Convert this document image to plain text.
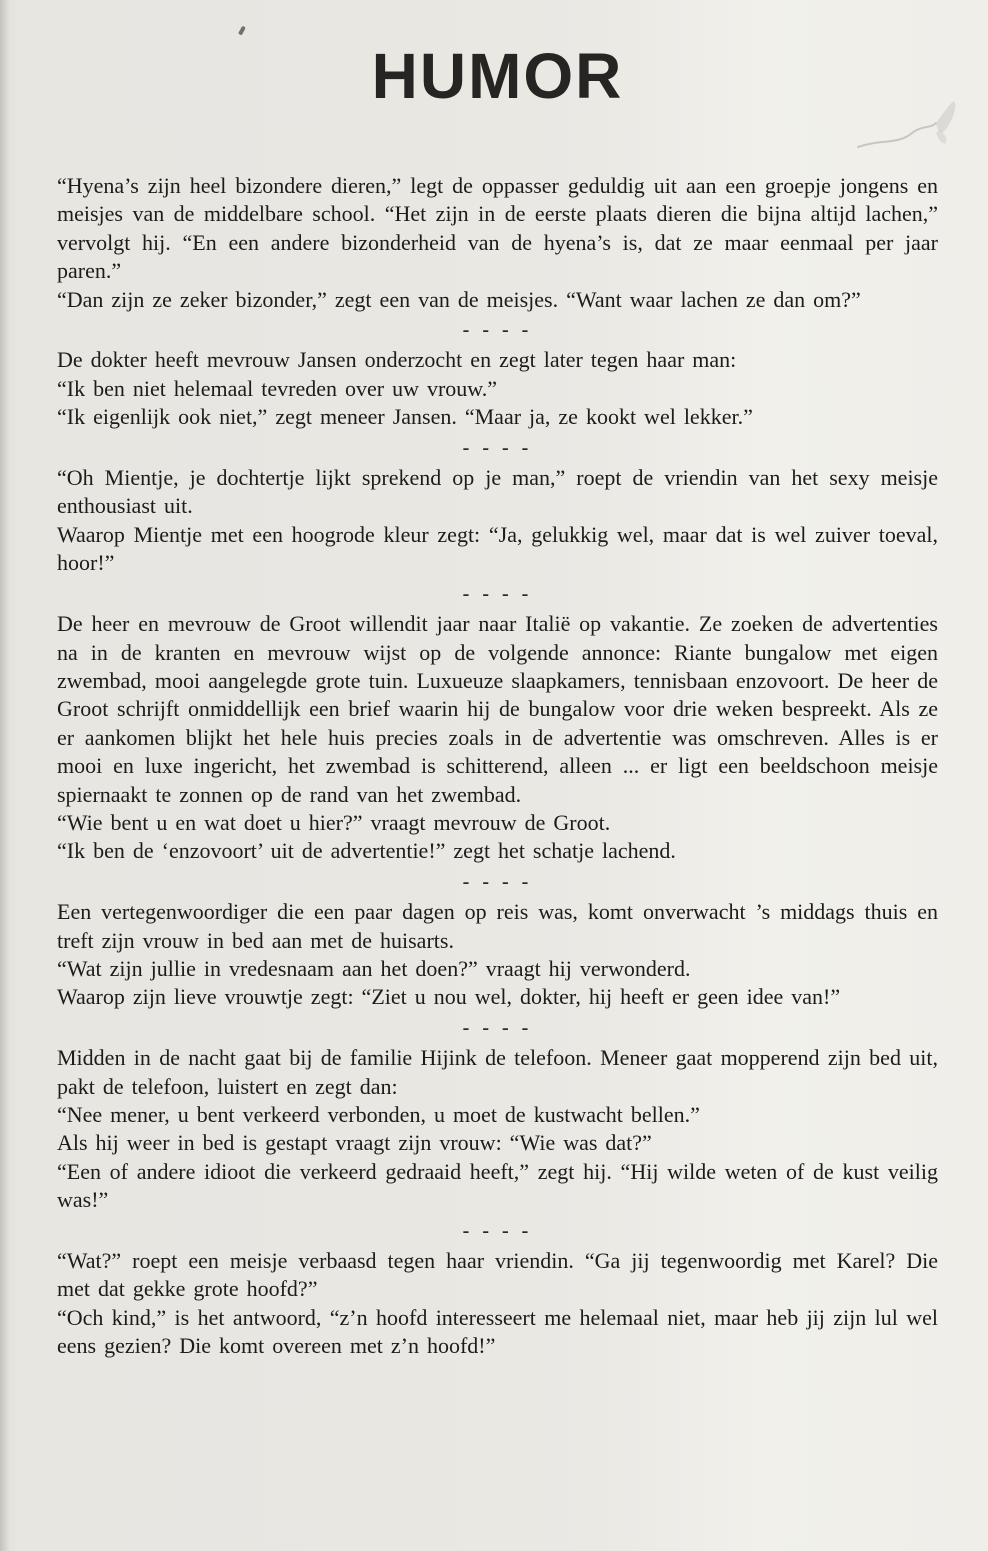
HUMOR

“Hyena’s zijn heel bizondere dieren,” legt de oppasser geduldig uit aan een groepje jongens en meisjes van de middelbare school. “Het zijn in de eerste plaats dieren die bijna altijd lachen,” vervolgt hij. “En een andere bizonderheid van de hyena’s is, dat ze maar eenmaal per jaar paren.”

“Dan zijn ze zeker bizonder,” zegt een van de meisjes. “Want waar lachen ze dan om?”

- - - -

De dokter heeft mevrouw Jansen onderzocht en zegt later tegen haar man:

“Ik ben niet helemaal tevreden over uw vrouw.”

“Ik eigenlijk ook niet,” zegt meneer Jansen. “Maar ja, ze kookt wel lekker.”

- - - -

“Oh Mientje, je dochtertje lijkt sprekend op je man,” roept de vriendin van het sexy meisje enthousiast uit.

Waarop Mientje met een hoogrode kleur zegt: “Ja, gelukkig wel, maar dat is wel zuiver toeval, hoor!”

- - - -

De heer en mevrouw de Groot willendit jaar naar Italië op vakantie. Ze zoeken de advertenties na in de kranten en mevrouw wijst op de volgende annonce: Riante bungalow met eigen zwembad, mooi aangelegde grote tuin. Luxueuze slaapkamers, tennisbaan enzovoort. De heer de Groot schrijft onmiddellijk een brief waarin hij de bungalow voor drie weken bespreekt. Als ze er aankomen blijkt het hele huis precies zoals in de advertentie was omschreven. Alles is er mooi en luxe ingericht, het zwembad is schitterend, alleen ... er ligt een beeldschoon meisje spiernaakt te zonnen op de rand van het zwembad.

“Wie bent u en wat doet u hier?” vraagt mevrouw de Groot.

“Ik ben de ‘enzovoort’ uit de advertentie!” zegt het schatje lachend.

- - - -

Een vertegenwoordiger die een paar dagen op reis was, komt onverwacht ’s middags thuis en treft zijn vrouw in bed aan met de huisarts.

“Wat zijn jullie in vredesnaam aan het doen?” vraagt hij verwonderd.

Waarop zijn lieve vrouwtje zegt: “Ziet u nou wel, dokter, hij heeft er geen idee van!”

- - - -

Midden in de nacht gaat bij de familie Hijink de telefoon. Meneer gaat mopperend zijn bed uit, pakt de telefoon, luistert en zegt dan:

“Nee mener, u bent verkeerd verbonden, u moet de kustwacht bellen.”

Als hij weer in bed is gestapt vraagt zijn vrouw: “Wie was dat?”

“Een of andere idioot die verkeerd gedraaid heeft,” zegt hij. “Hij wilde weten of de kust veilig was!”

- - - -

“Wat?” roept een meisje verbaasd tegen haar vriendin. “Ga jij tegenwoordig met Karel? Die met dat gekke grote hoofd?”

“Och kind,” is het antwoord, “z’n hoofd interesseert me helemaal niet, maar heb jij zijn lul wel eens gezien? Die komt overeen met z’n hoofd!”
